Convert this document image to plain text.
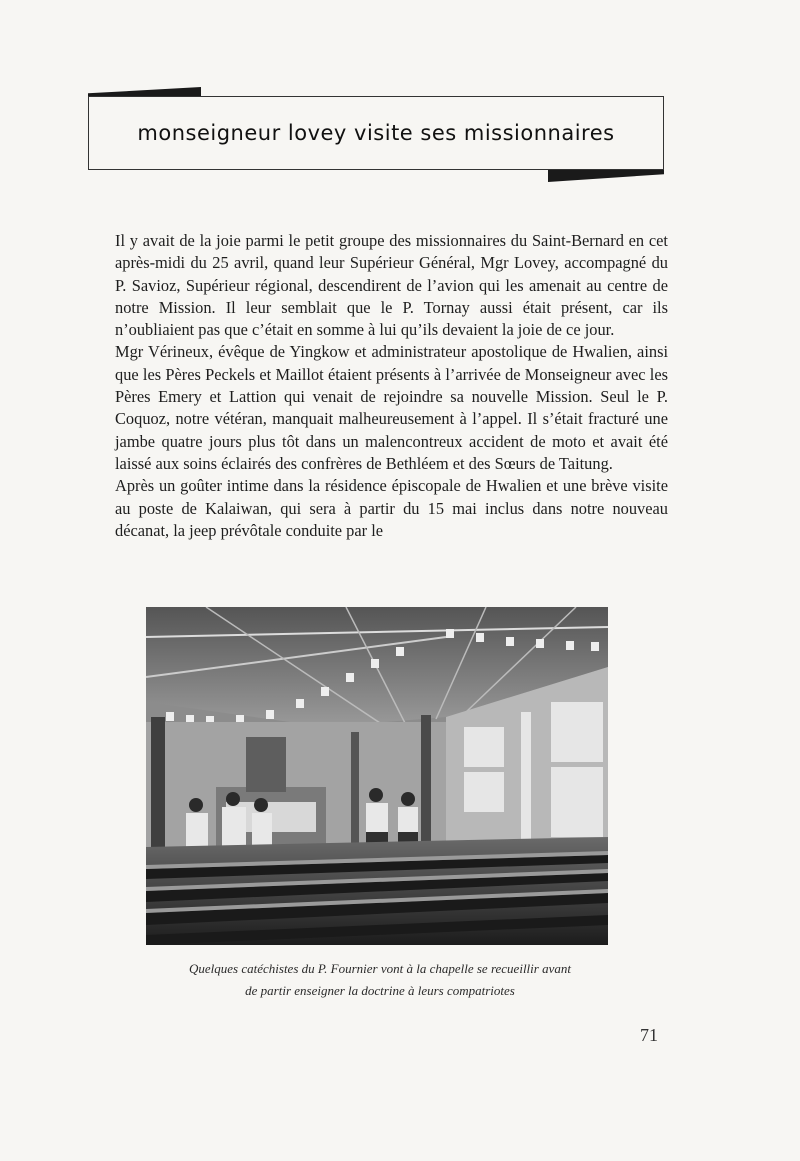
monseigneur lovey visite ses missionnaires

Il y avait de la joie parmi le petit groupe des missionnaires du Saint-Bernard en cet après-midi du 25 avril, quand leur Supérieur Général, Mgr Lovey, accompagné du P. Savioz, Supérieur régional, descendirent de l’avion qui les amenait au centre de notre Mission. Il leur semblait que le P. Tornay aussi était présent, car ils n’oubliaient pas que c’était en somme à lui qu’ils devaient la joie de ce jour.

Mgr Vérineux, évêque de Yingkow et administrateur apostolique de Hwalien, ainsi que les Pères Peckels et Maillot étaient présents à l’arrivée de Monseigneur avec les Pères Emery et Lattion qui venait de rejoindre sa nouvelle Mission. Seul le P. Coquoz, notre vétéran, manquait malheureusement à l’appel. Il s’était fracturé une jambe quatre jours plus tôt dans un malencontreux accident de moto et avait été laissé aux soins éclairés des confrères de Bethléem et des Sœurs de Taitung.

Après un goûter intime dans la résidence épiscopale de Hwalien et une brève visite au poste de Kalaiwan, qui sera à partir du 15 mai inclus dans notre nouveau décanat, la jeep prévôtale conduite par le

Quelques catéchistes du P. Fournier vont à la chapelle se recueillir avant
de partir enseigner la doctrine à leurs compatriotes
71
